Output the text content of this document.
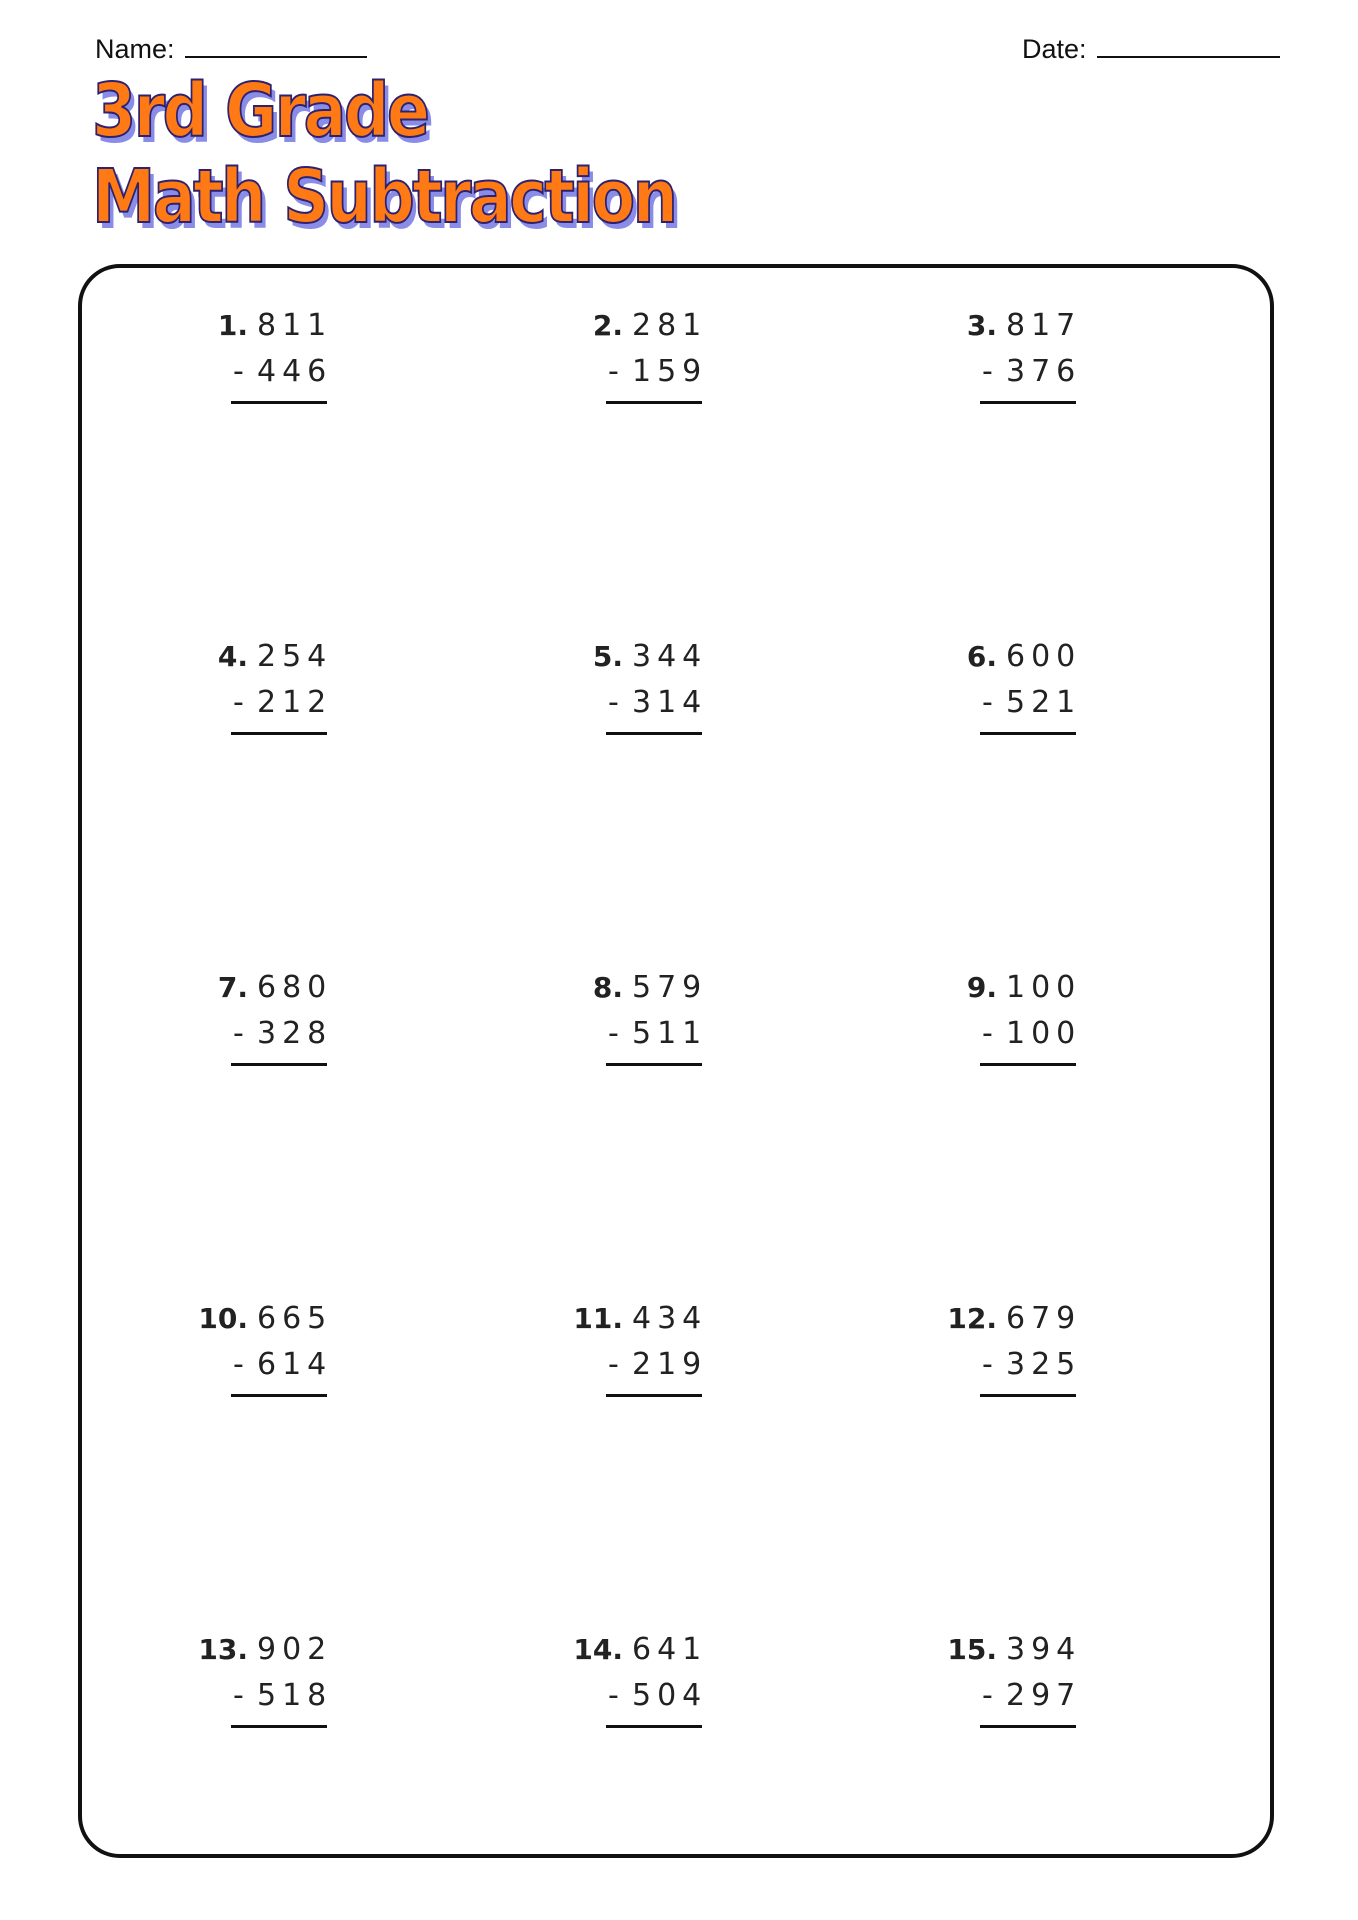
Name:	Date:
3rd Grade
Math Subtraction
1. 811
- 446
2. 281
- 159
3. 817
- 376
4. 254
- 212
5. 344
- 314
6. 600
- 521
7. 680
- 328
8. 579
- 511
9. 100
- 100
10. 665
- 614
11. 434
- 219
12. 679
- 325
13. 902
- 518
14. 641
- 504
15. 394
- 297
